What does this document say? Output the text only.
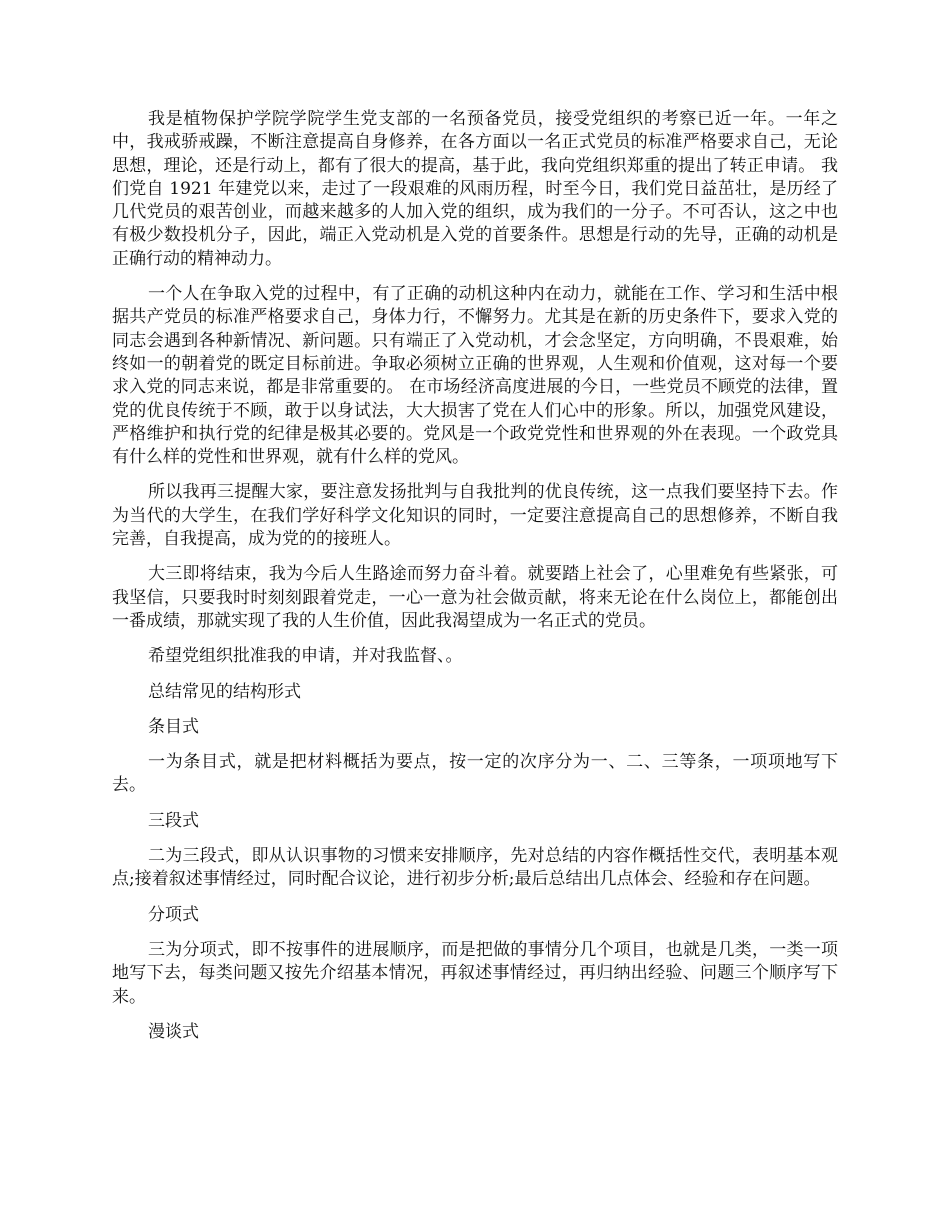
我是植物保护学院学院学生党支部的一名预备党员，接受党组织的考察已近一年。一年之中，我戒骄戒躁，不断注意提高自身修养，在各方面以一名正式党员的标准严格要求自己，无论思想，理论，还是行动上，都有了很大的提高，基于此，我向党组织郑重的提出了转正申请。 我们党自 1921 年建党以来，走过了一段艰难的风雨历程，时至今日，我们党日益茁壮，是历经了几代党员的艰苦创业，而越来越多的人加入党的组织，成为我们的一分子。不可否认，这之中也有极少数投机分子，因此，端正入党动机是入党的首要条件。思想是行动的先导，正确的动机是正确行动的精神动力。

一个人在争取入党的过程中，有了正确的动机这种内在动力，就能在工作、学习和生活中根据共产党员的标准严格要求自己，身体力行，不懈努力。尤其是在新的历史条件下，要求入党的同志会遇到各种新情况、新问题。只有端正了入党动机，才会念坚定，方向明确，不畏艰难，始终如一的朝着党的既定目标前进。争取必须树立正确的世界观，人生观和价值观，这对每一个要求入党的同志来说，都是非常重要的。 在市场经济高度进展的今日，一些党员不顾党的法律，置党的优良传统于不顾，敢于以身试法，大大损害了党在人们心中的形象。所以，加强党风建设，严格维护和执行党的纪律是极其必要的。党风是一个政党党性和世界观的外在表现。一个政党具有什么样的党性和世界观，就有什么样的党风。

所以我再三提醒大家，要注意发扬批判与自我批判的优良传统，这一点我们要坚持下去。作为当代的大学生，在我们学好科学文化知识的同时，一定要注意提高自己的思想修养，不断自我完善，自我提高，成为党的的接班人。

大三即将结束，我为今后人生路途而努力奋斗着。就要踏上社会了，心里难免有些紧张，可我坚信，只要我时时刻刻跟着党走，一心一意为社会做贡献，将来无论在什么岗位上，都能创出一番成绩，那就实现了我的人生价值，因此我渴望成为一名正式的党员。

希望党组织批准我的申请，并对我监督、。

总结常见的结构形式

条目式

一为条目式，就是把材料概括为要点，按一定的次序分为一、二、三等条，一项项地写下去。

三段式

二为三段式，即从认识事物的习惯来安排顺序，先对总结的内容作概括性交代，表明基本观点;接着叙述事情经过，同时配合议论，进行初步分析;最后总结出几点体会、经验和存在问题。

分项式

三为分项式，即不按事件的进展顺序，而是把做的事情分几个项目，也就是几类，一类一项地写下去，每类问题又按先介绍基本情况，再叙述事情经过，再归纳出经验、问题三个顺序写下来。

漫谈式
